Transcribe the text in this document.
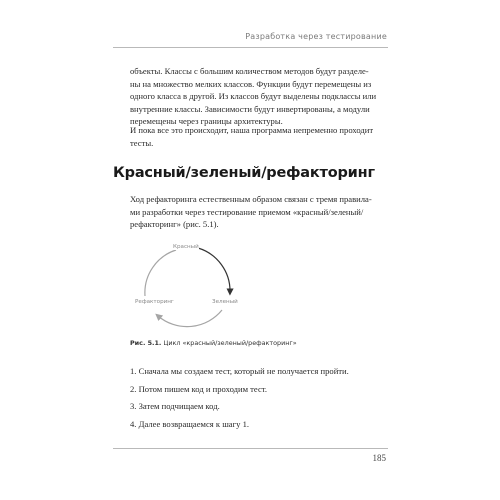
Разработка через тестирование
объекты. Классы с большим количеством методов будут разделе-
ны на множество мелких классов. Функции будут перемещены из
одного класса в другой. Из классов будут выделены подклассы или
внутренние классы. Зависимости будут инвертированы, а модули
перемещены через границы архитектуры.
И пока все это происходит, наша программа непременно проходит
тесты.
Красный/зеленый/рефакторинг
Ход рефакторинга естественным образом связан с тремя правила-
ми разработки через тестирование приемом «красный/зеленый/
рефакторинг» (рис. 5.1).
Красный
Зеленый
Рефакторинг
Рис. 5.1. Цикл «красный/зеленый/рефакторинг»
1. Сначала мы создаем тест, который не получается пройти.
2. Потом пишем код и проходим тест.
3. Затем подчищаем код.
4. Далее возвращаемся к шагу 1.
185
